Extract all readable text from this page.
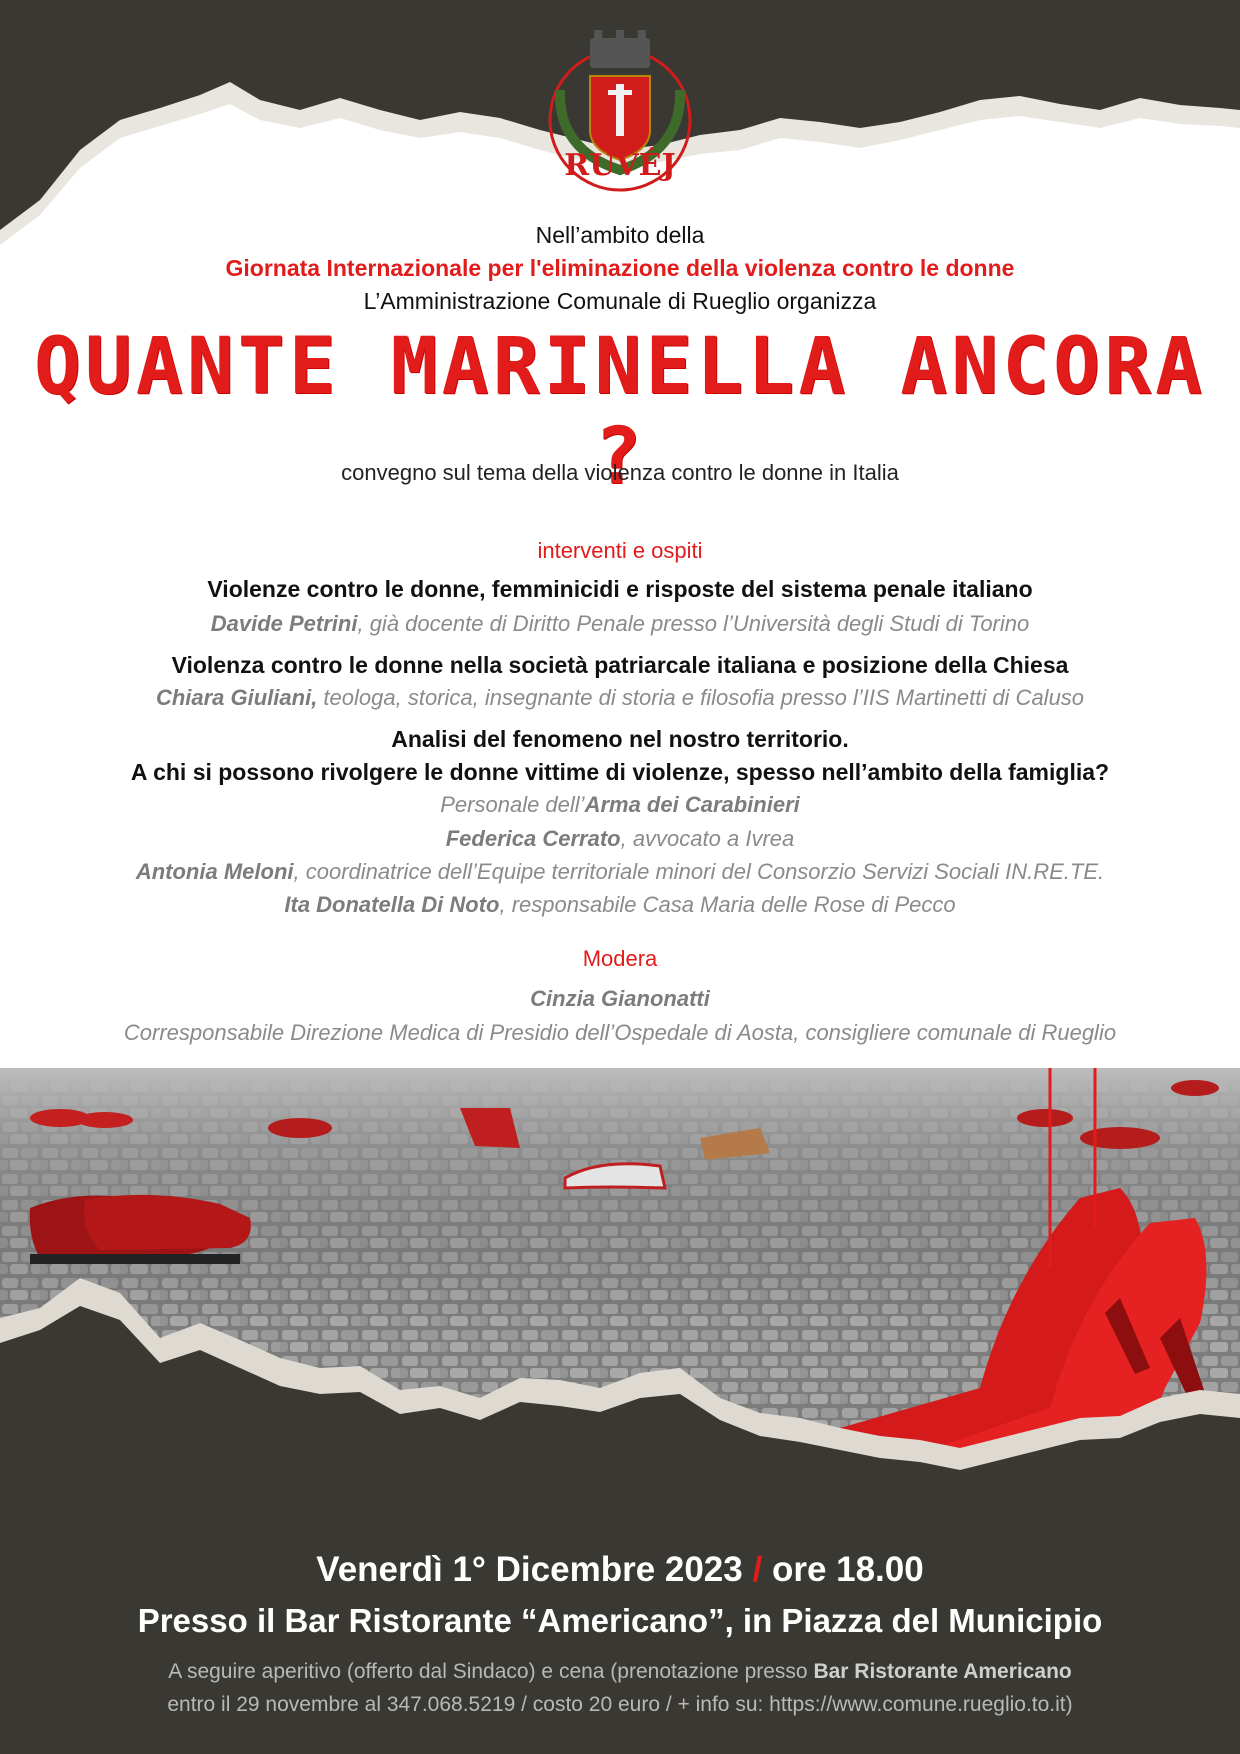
RÙVÉJ
Nell’ambito della
Giornata Internazionale per l'eliminazione della violenza contro le donne
L’Amministrazione Comunale di Rueglio organizza
QUANTE MARINELLA ANCORA ?
convegno sul tema della violenza contro le donne in Italia
interventi e ospiti
Violenze contro le donne, femminicidi e risposte del sistema penale italiano
Davide Petrini, già docente di Diritto Penale presso l’Università degli Studi di Torino
Violenza contro le donne nella società patriarcale italiana e posizione della Chiesa
Chiara Giuliani, teologa, storica, insegnante di storia e filosofia presso l’IIS Martinetti di Caluso
Analisi del fenomeno nel nostro territorio.
A chi si possono rivolgere le donne vittime di violenze, spesso nell’ambito della famiglia?
Personale dell’Arma dei Carabinieri
Federica Cerrato, avvocato a Ivrea
Antonia Meloni, coordinatrice dell’Equipe territoriale minori del Consorzio Servizi Sociali IN.RE.TE.
Ita Donatella Di Noto, responsabile Casa Maria delle Rose di Pecco
Modera
Cinzia Gianonatti
Corresponsabile Direzione Medica di Presidio dell’Ospedale di Aosta, consigliere comunale di Rueglio
Venerdì 1° Dicembre 2023 / ore 18.00
Presso il Bar Ristorante “Americano”, in Piazza del Municipio
A seguire aperitivo (offerto dal Sindaco) e cena (prenotazione presso Bar Ristorante Americano
entro il 29 novembre al 347.068.5219 / costo 20 euro / + info su: https://www.comune.rueglio.to.it)
